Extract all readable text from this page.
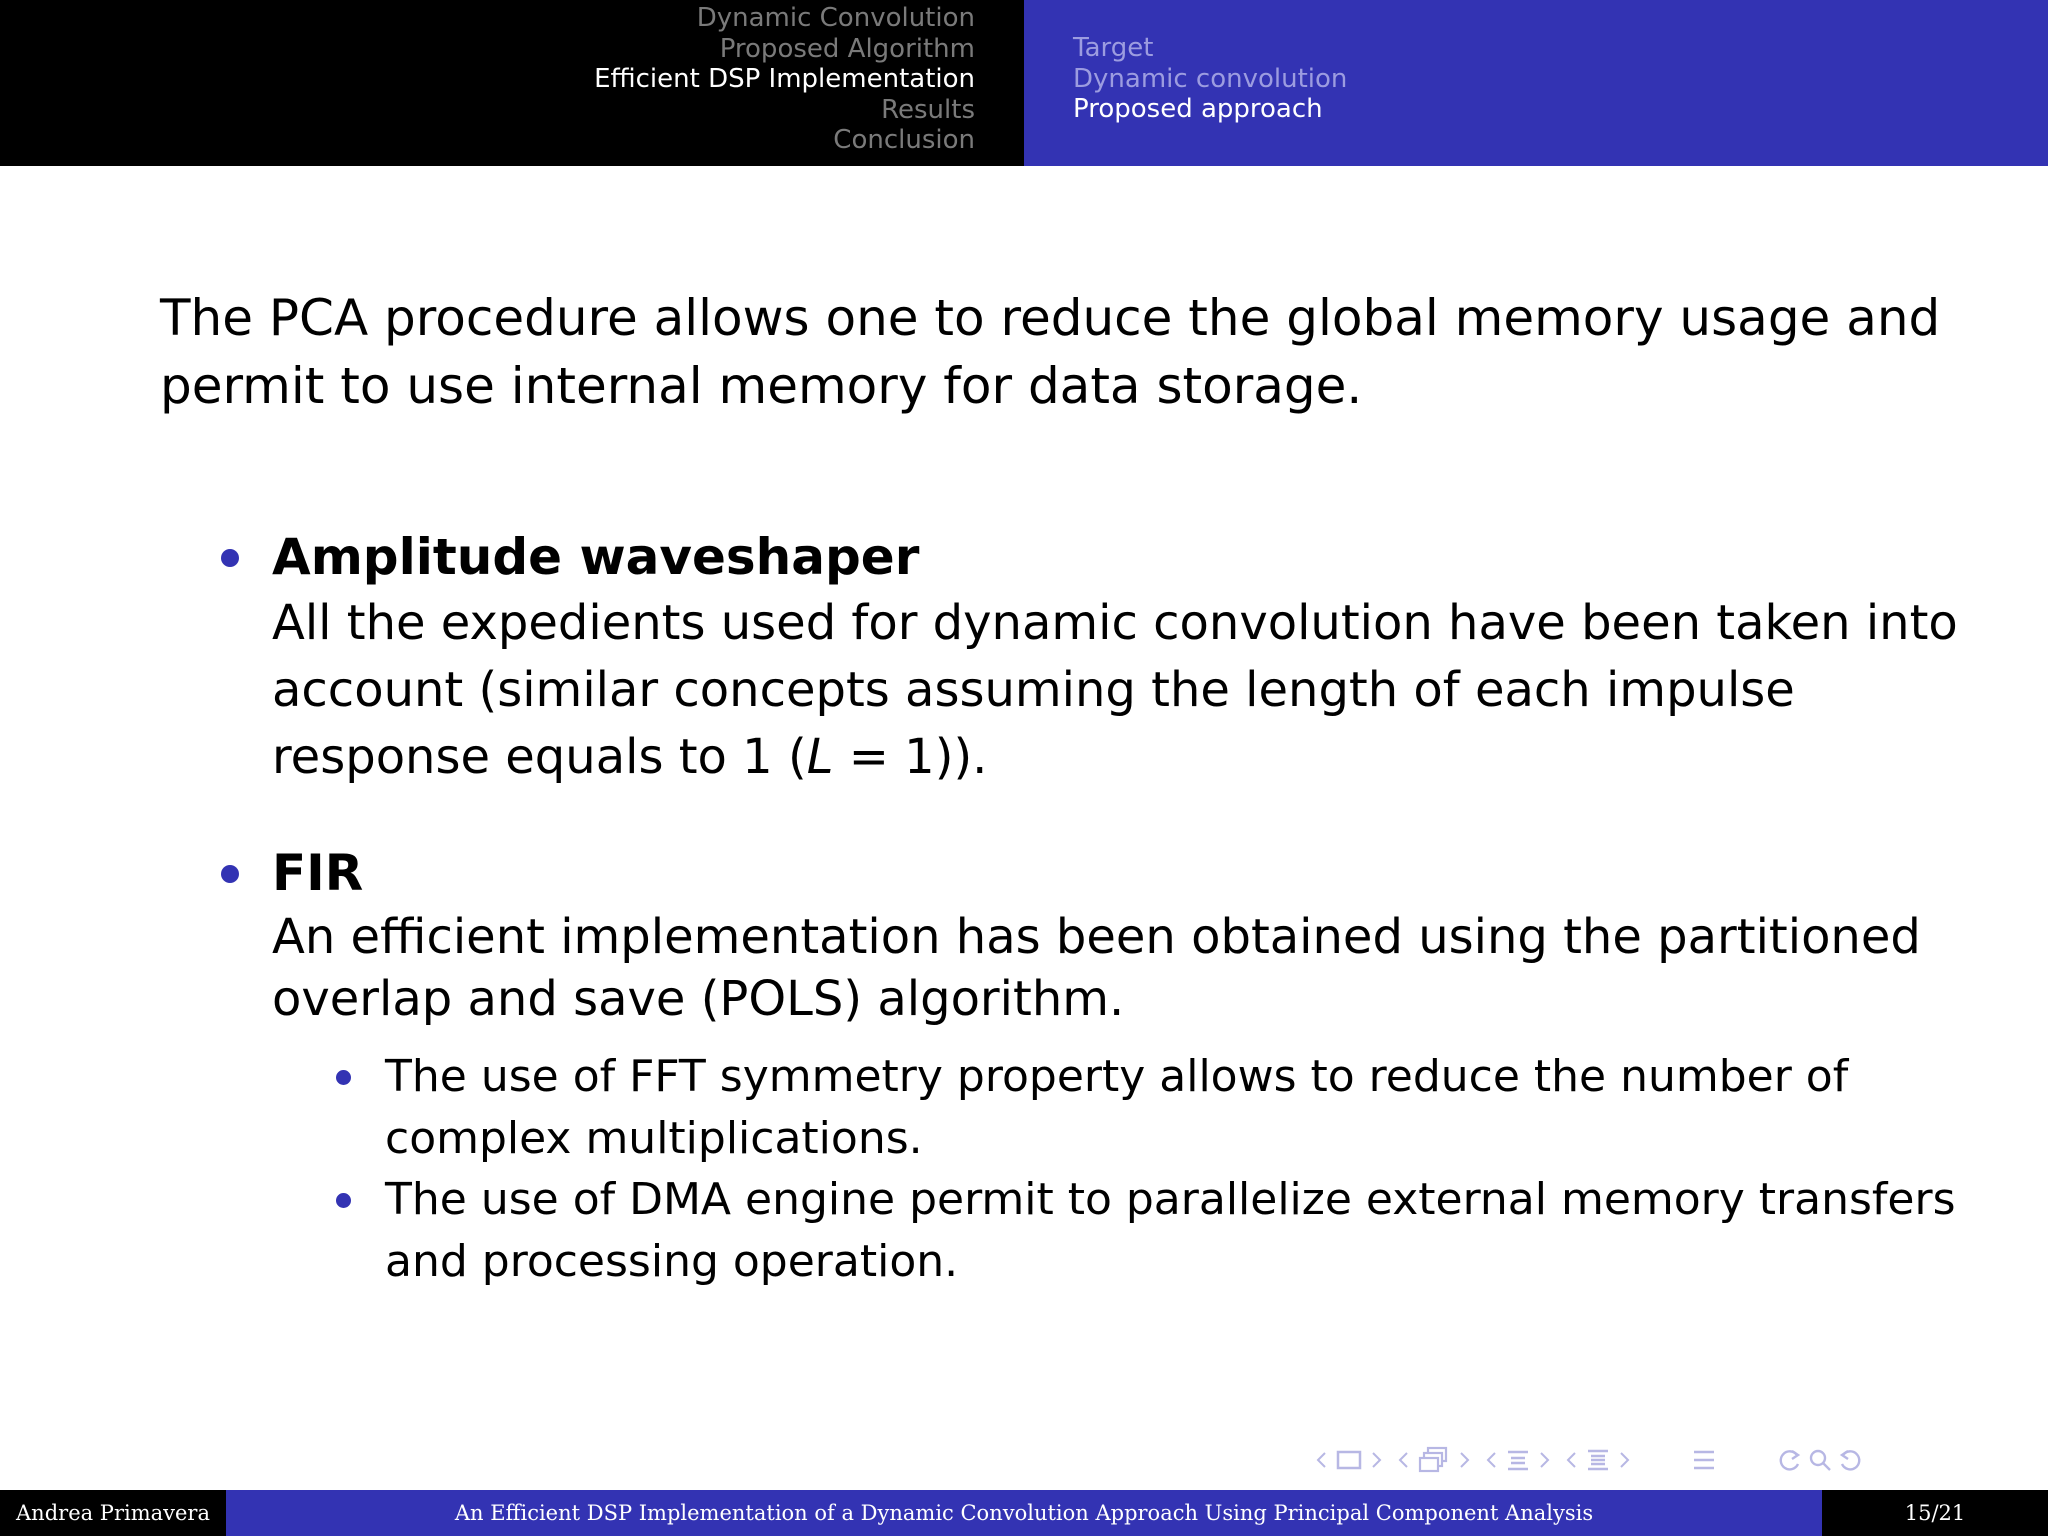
Dynamic Convolution
Proposed Algorithm
Efficient DSP Implementation
Results
Conclusion
Target
Dynamic convolution
Proposed approach

The PCA procedure allows one to reduce the global memory usage and permit to use internal memory for data storage.

Amplitude waveshaper

All the expedients used for dynamic convolution have been taken into account (similar concepts assuming the length of each impulse response equals to 1 (L = 1)).

FIR

An efficient implementation has been obtained using the partitioned overlap and save (POLS) algorithm.

The use of FFT symmetry property allows to reduce the number of complex multiplications.
The use of DMA engine permit to parallelize external memory transfers and processing operation.
Andrea Primavera	An Efficient DSP Implementation of a Dynamic Convolution Approach Using Principal Component Analysis	15/21
